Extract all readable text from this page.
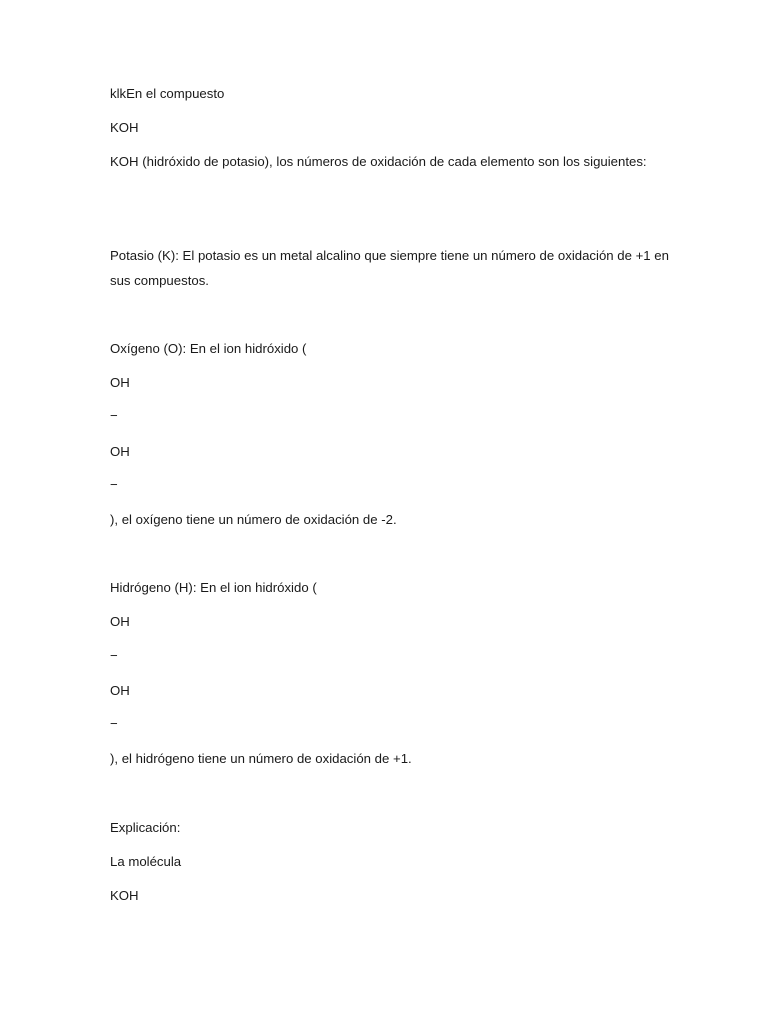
klkEn el compuesto
KOH
KOH (hidróxido de potasio), los números de oxidación de cada elemento son los siguientes:
Potasio (K): El potasio es un metal alcalino que siempre tiene un número de oxidación de +1 en sus compuestos.
Oxígeno (O): En el ion hidróxido (
OH
−
OH
−
), el oxígeno tiene un número de oxidación de -2.
Hidrógeno (H): En el ion hidróxido (
OH
−
OH
−
), el hidrógeno tiene un número de oxidación de +1.
Explicación:
La molécula
KOH
